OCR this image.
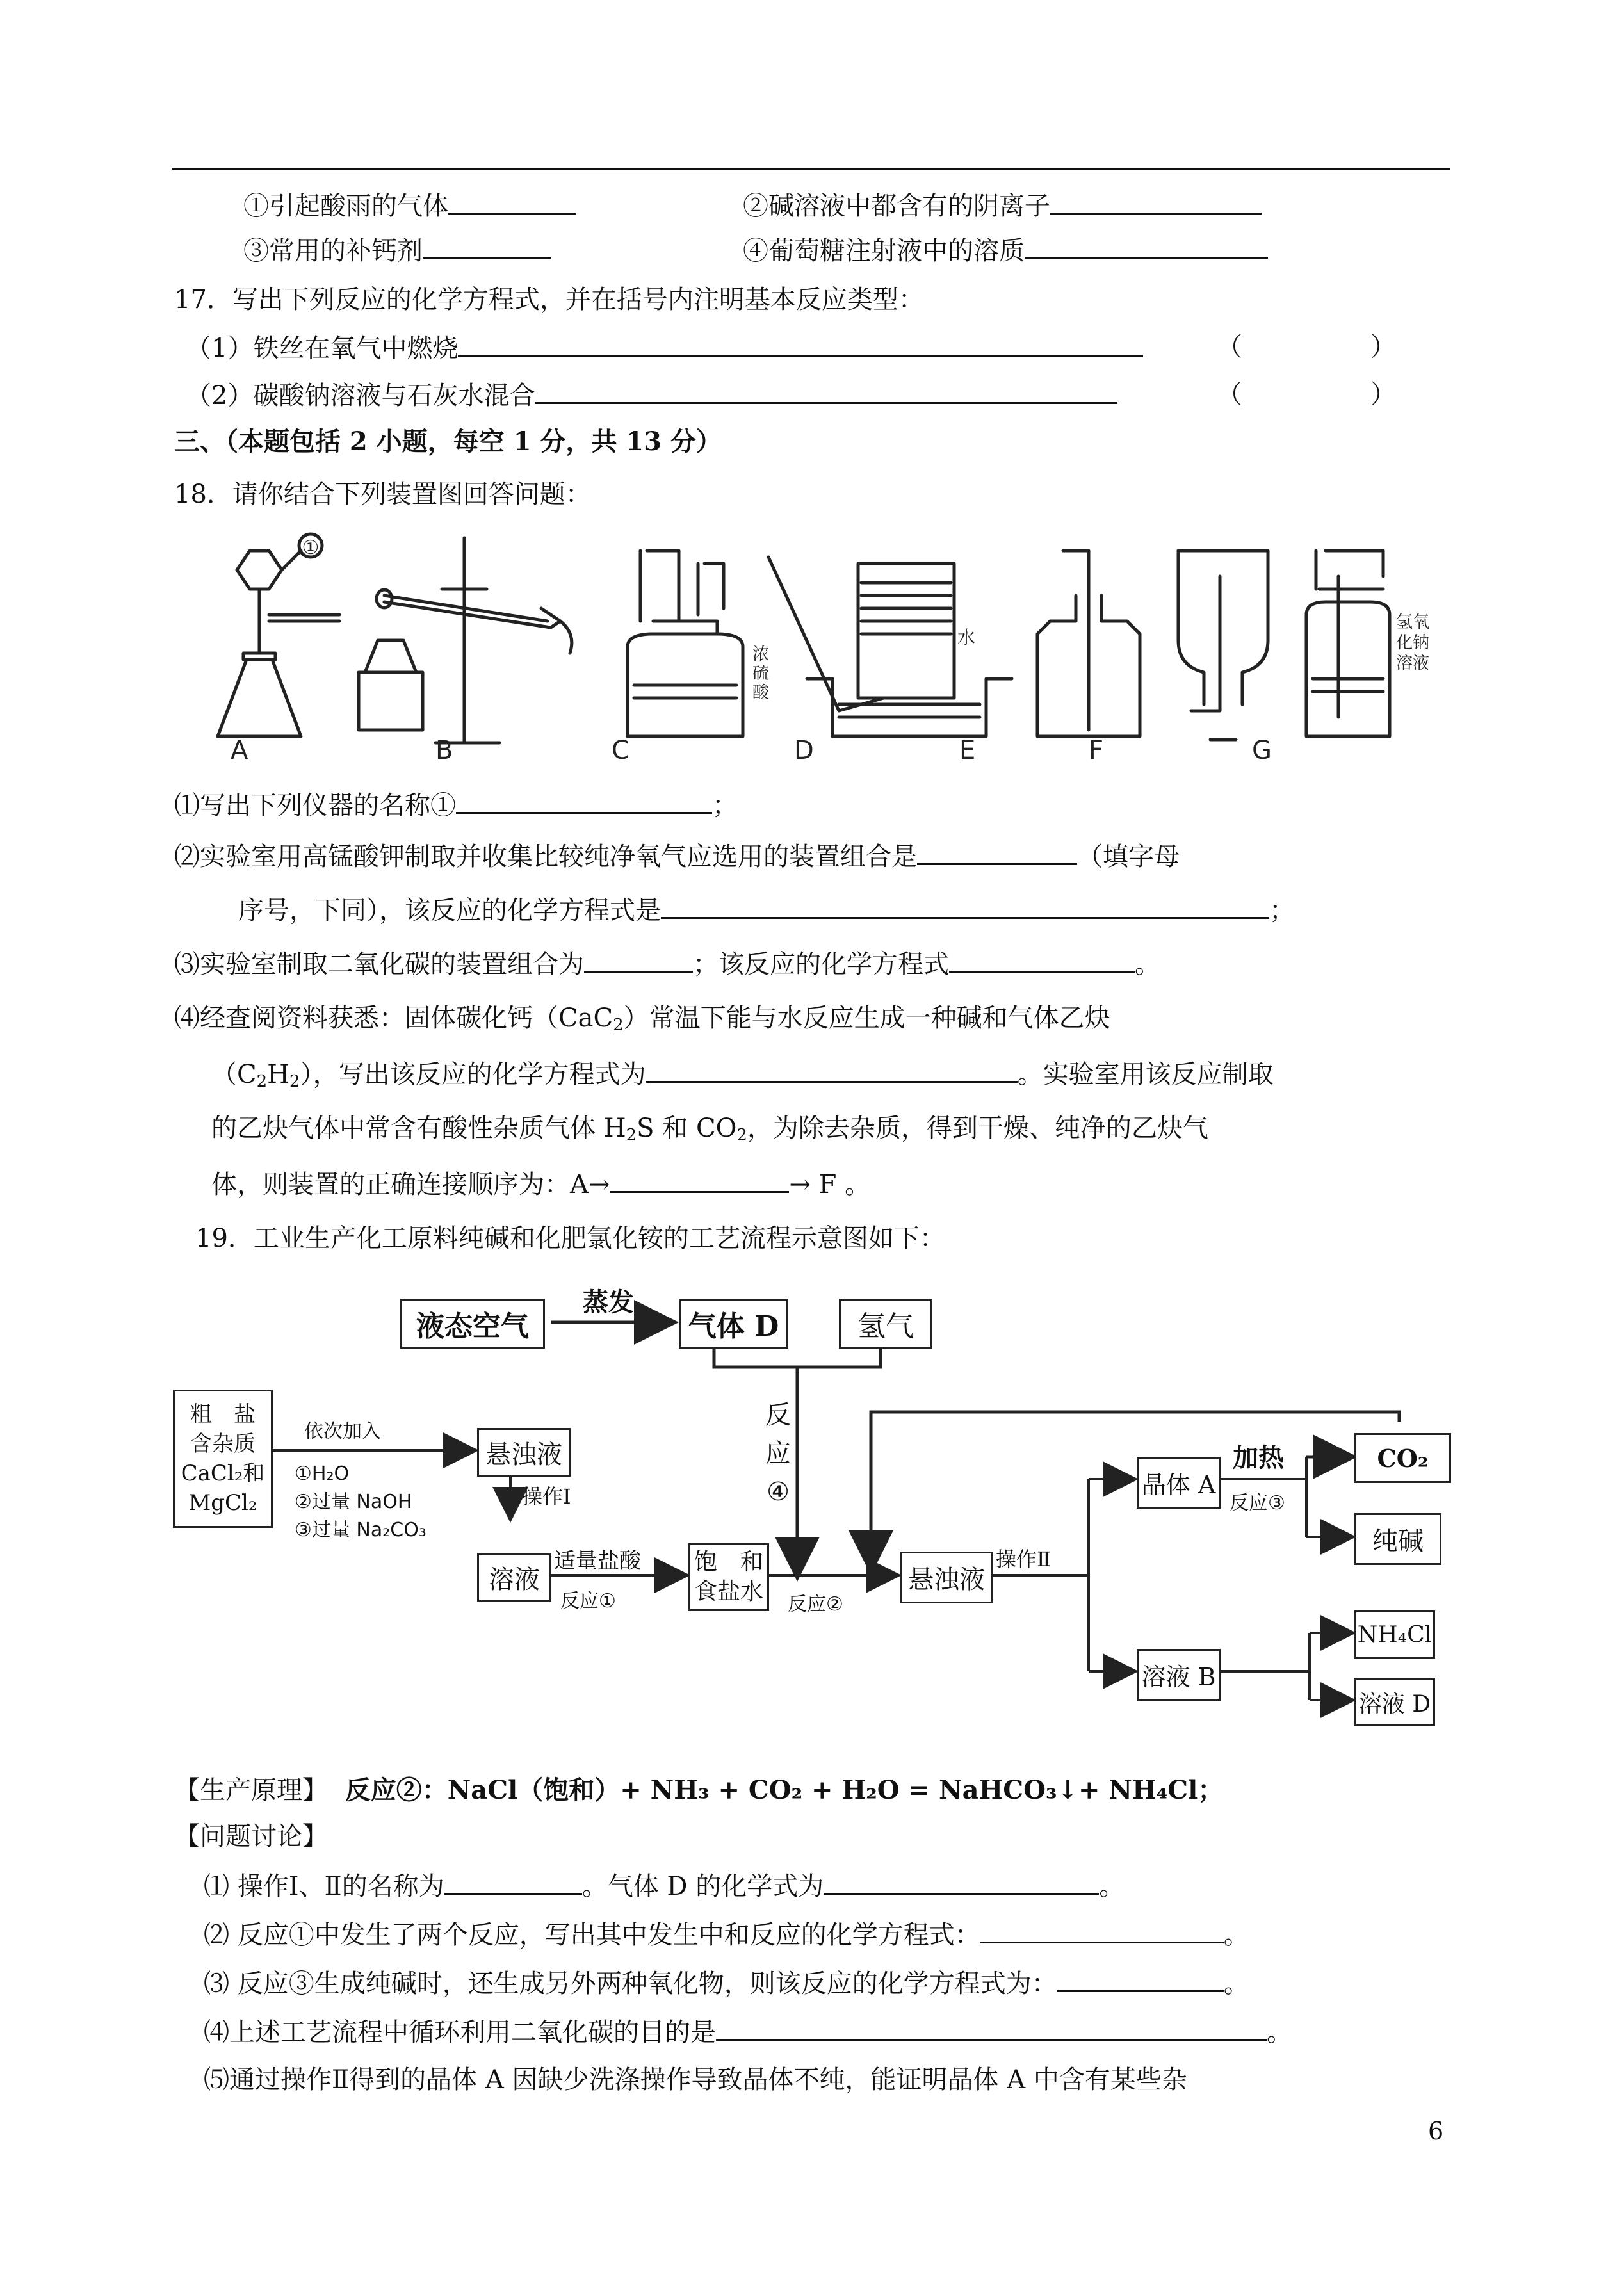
①引起酸雨的气体	②碱溶液中都含有的阴离子
③常用的补钙剂	④葡萄糖注射液中的溶质
17．写出下列反应的化学方程式，并在括号内注明基本反应类型：
（1）铁丝在氧气中燃烧	（	）
（2）碳酸钠溶液与石灰水混合	（	）
三、（本题包括 2 小题，每空 1 分，共 13 分）
18．请你结合下列装置图回答问题：
①
浓
硫
酸
水
氢氧
化钠
溶液
A	B	C	D	E	F	G
⑴写出下列仪器的名称①	；
⑵实验室用高锰酸钾制取并收集比较纯净氧气应选用的装置组合是	（填字母
序号，下同），该反应的化学方程式是	；
⑶实验室制取二氧化碳的装置组合为	；该反应的化学方程式	。
⑷经查阅资料获悉：固体碳化钙（CaC$_2$）常温下能与水反应生成一种碱和气体乙炔
$(C_2H_2)$，写出该反应的化学方程式为	。实验室用该反应制取
的乙炔气体中常含有酸性杂质气体 $H_2S$ 和 $CO_2$，为除去杂质，得到干燥、纯净的乙炔气
体，则装置的正确连接顺序为：A→	→ F 。
19．工业生产化工原料纯碱和化肥氯化铵的工艺流程示意图如下：
液态空气
蒸发
气体 D	氢气
反
应
④
粗　盐
含杂质
CaCl₂和
MgCl₂
依次加入
①H₂O
②过量 NaOH
③过量 Na₂CO₃
悬浊液
操作Ⅰ
溶液
适量盐酸
反应①
饱　和
食盐水 反应②
悬浊液
操作Ⅱ
晶体 A
加热
反应③
CO₂
纯碱
溶液 B
NH₄Cl
溶液 D
【生产原理】 反应②：NaCl（饱和）+ NH₃ + CO₂ + H₂O = NaHCO₃↓+ NH₄Cl；
【问题讨论】
⑴ 操作Ⅰ、Ⅱ的名称为	。气体 D 的化学式为	。
⑵ 反应①中发生了两个反应，写出其中发生中和反应的化学方程式：	。
⑶ 反应③生成纯碱时，还生成另外两种氧化物，则该反应的化学方程式为：	。
⑷上述工艺流程中循环利用二氧化碳的目的是	。
⑸通过操作Ⅱ得到的晶体 A 因缺少洗涤操作导致晶体不纯，能证明晶体 A 中含有某些杂
6
